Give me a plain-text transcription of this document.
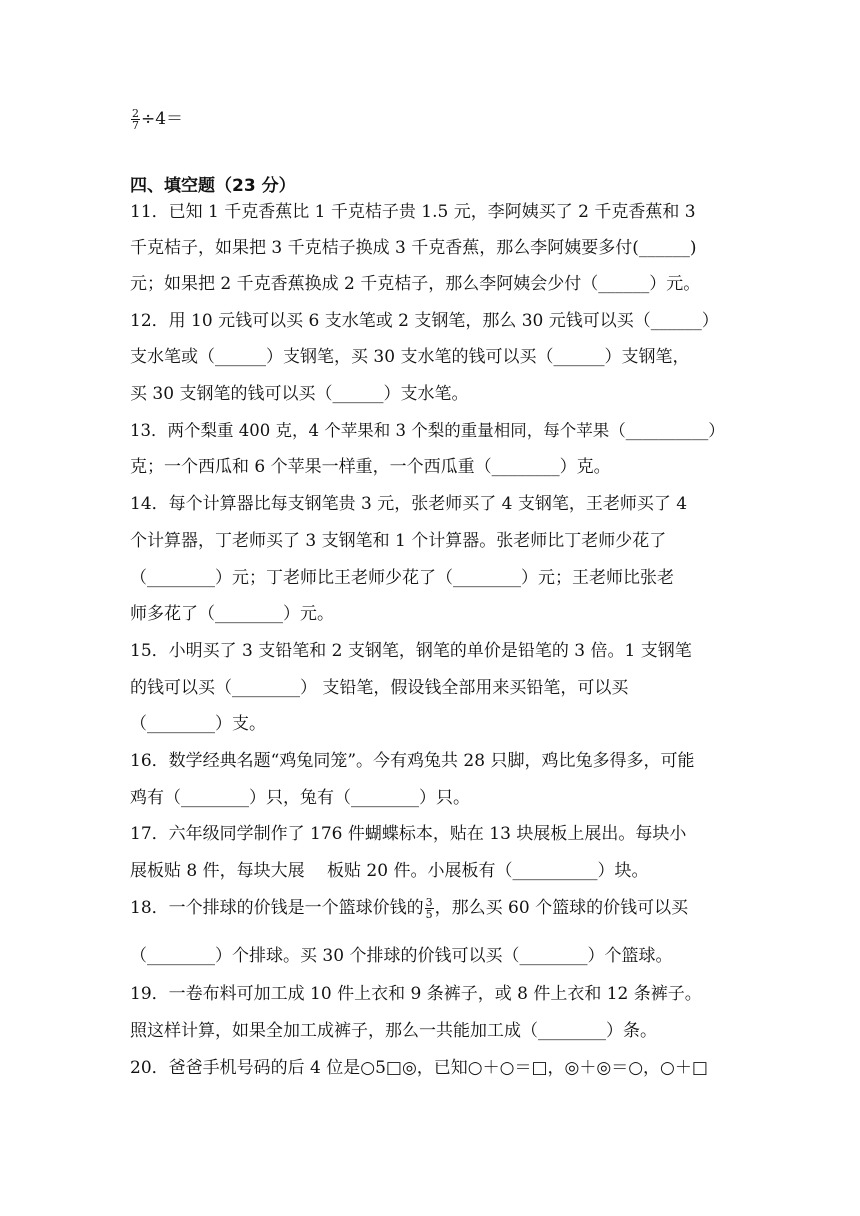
$\frac{2}{7} \div 4=$
四、填空题（23 分）
11．已知 1 千克香蕉比 1 千克桔子贵 1.5 元，李阿姨买了 2 千克香蕉和 3
千克桔子，如果把 3 千克桔子换成 3 千克香蕉，那么李阿姨要多付(______)
元；如果把 2 千克香蕉换成 2 千克桔子，那么李阿姨会少付（______）元。
12．用 10 元钱可以买 6 支水笔或 2 支钢笔，那么 30 元钱可以买（______）
支水笔或（______）支钢笔，买 30 支水笔的钱可以买（______）支钢笔，
买 30 支钢笔的钱可以买（______）支水笔。
13．两个梨重 400 克，4 个苹果和 3 个梨的重量相同，每个苹果（__________）
克；一个西瓜和 6 个苹果一样重，一个西瓜重（________）克。
14．每个计算器比每支钢笔贵 3 元，张老师买了 4 支钢笔，王老师买了 4
个计算器，丁老师买了 3 支钢笔和 1 个计算器。张老师比丁老师少花了
（________）元；丁老师比王老师少花了（________）元；王老师比张老
师多花了（________）元。
15．小明买了 3 支铅笔和 2 支钢笔，钢笔的单价是铅笔的 3 倍。1 支钢笔
的钱可以买（________） 支铅笔，假设钱全部用来买铅笔，可以买
（________）支。
16．数学经典名题“鸡兔同笼”。今有鸡兔共 28 只脚，鸡比兔多得多，可能
鸡有（________）只，兔有（________）只。
17．六年级同学制作了 176 件蝴蝶标本，贴在 13 块展板上展出。每块小
展板贴 8 件，每块大展　 板贴 20 件。小展板有（__________）块。
18．一个排球的价钱是一个篮球价钱的 $\frac{3}{5}$ ，那么买 60 个篮球的价钱可以买
（________）个排球。买 30 个排球的价钱可以买（________）个篮球。
19．一卷布料可加工成 10 件上衣和 9 条裤子，或 8 件上衣和 12 条裤子。
照这样计算，如果全加工成裤子，那么一共能加工成（________）条。
20．爸爸手机号码的后 4 位是○5□◎，已知○＋○＝□，◎＋◎＝○，○＋□
